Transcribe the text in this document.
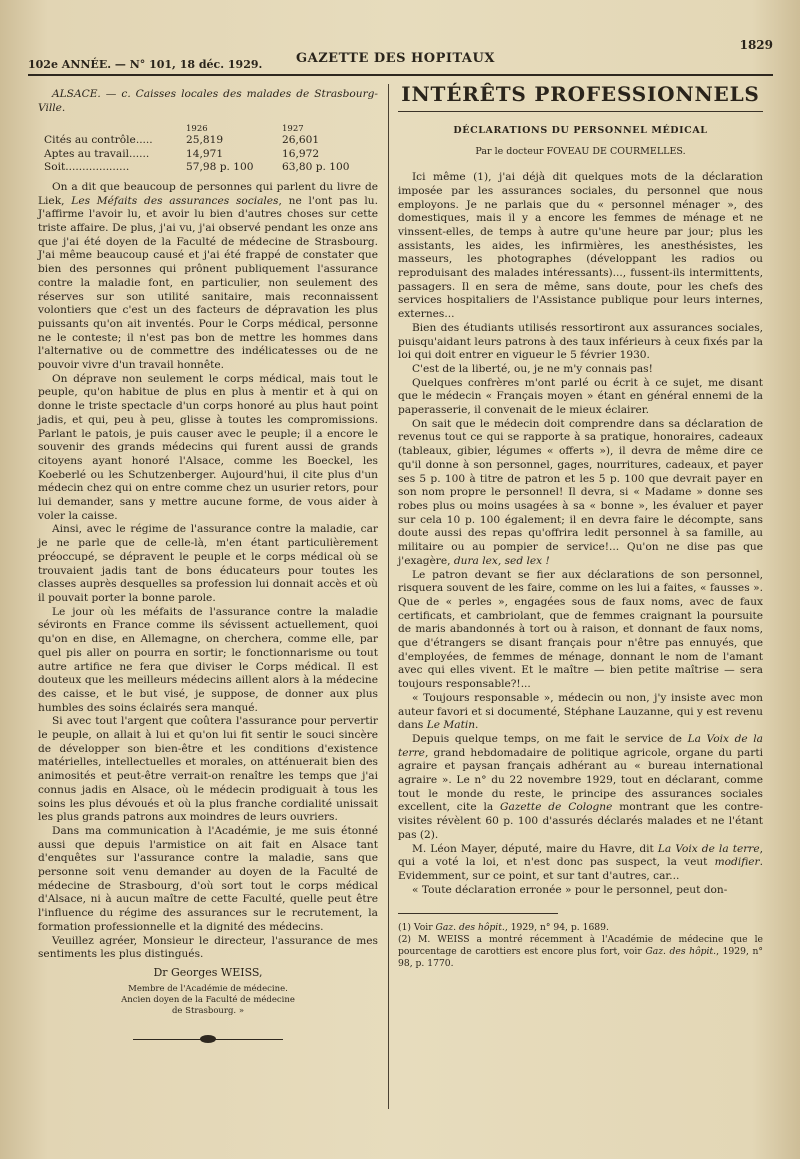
102e ANNÉE. — N° 101, 18 déc. 1929.	GAZETTE DES HOPITAUX
1829

ALSACE. — c. Caisses locales des malades de Strasbourg-Ville.

1926	1927
Cités au contrôle.....	25,819	26,601
Aptes au travail......	14,971	16,972
Soit...................	57,98 p. 100	63,80 p. 100

On a dit que beaucoup de personnes qui parlent du livre de Liek, Les Méfaits des assurances sociales, ne l'ont pas lu. J'affirme l'avoir lu, et avoir lu bien d'autres choses sur cette triste affaire. De plus, j'ai vu, j'ai observé pendant les onze ans que j'ai été doyen de la Faculté de médecine de Strasbourg. J'ai même beaucoup causé et j'ai été frappé de constater que bien des personnes qui prônent publiquement l'assurance contre la maladie font, en particulier, non seulement des réserves sur son utilité sanitaire, mais reconnaissent volontiers que c'est un des facteurs de dépravation les plus puissants qu'on ait inventés. Pour le Corps médical, personne ne le conteste; il n'est pas bon de mettre les hommes dans l'alternative ou de commettre des indélicatesses ou de ne pouvoir vivre d'un travail honnête.

On déprave non seulement le corps médical, mais tout le peuple, qu'on habitue de plus en plus à mentir et à qui on donne le triste spectacle d'un corps honoré au plus haut point jadis, et qui, peu à peu, glisse à toutes les compromissions. Parlant le patois, je puis causer avec le peuple; il a encore le souvenir des grands médecins qui furent aussi de grands citoyens ayant honoré l'Alsace, comme les Boeckel, les Koeberlé ou les Schutzenberger. Aujourd'hui, il cite plus d'un médecin chez qui on entre comme chez un usurier retors, pour lui demander, sans y mettre aucune forme, de vous aider à voler la caisse.

Ainsi, avec le régime de l'assurance contre la maladie, car je ne parle que de celle-là, m'en étant particulièrement préoccupé, se dépravent le peuple et le corps médical où se trouvaient jadis tant de bons éducateurs pour toutes les classes auprès desquelles sa profession lui donnait accès et où il pouvait porter la bonne parole.

Le jour où les méfaits de l'assurance contre la maladie sévironts en France comme ils sévissent actuellement, quoi qu'on en dise, en Allemagne, on cherchera, comme elle, par quel pis aller on pourra en sortir; le fonctionnarisme ou tout autre artifice ne fera que diviser le Corps médical. Il est douteux que les meilleurs médecins aillent alors à la médecine des caisse, et le but visé, je suppose, de donner aux plus humbles des soins éclairés sera manqué.

Si avec tout l'argent que coûtera l'assurance pour pervertir le peuple, on allait à lui et qu'on lui fit sentir le souci sincère de développer son bien-être et les conditions d'existence matérielles, intellectuelles et morales, on atténuerait bien des animosités et peut-être verrait-on renaître les temps que j'ai connus jadis en Alsace, où le médecin prodiguait à tous les soins les plus dévoués et où la plus franche cordialité unissait les plus grands patrons aux moindres de leurs ouvriers.

Dans ma communication à l'Académie, je me suis étonné aussi que depuis l'armistice on ait fait en Alsace tant d'enquêtes sur l'assurance contre la maladie, sans que personne soit venu demander au doyen de la Faculté de médecine de Strasbourg, d'où sort tout le corps médical d'Alsace, ni à aucun maître de cette Faculté, quelle peut être l'influence du régime des assurances sur le recrutement, la formation professionnelle et la dignité des médecins.

Veuillez agréer, Monsieur le directeur, l'assurance de mes sentiments les plus distingués.

Dr Georges WEISS,
Membre de l'Académie de médecine.
Ancien doyen de la Faculté de médecine
de Strasbourg. »
INTÉRÊTS PROFESSIONNELS
DÉCLARATIONS DU PERSONNEL MÉDICAL
Par le docteur FOVEAU DE COURMELLES.

Ici même (1), j'ai déjà dit quelques mots de la déclaration imposée par les assurances sociales, du personnel que nous employons. Je ne parlais que du « personnel ménager », des domestiques, mais il y a encore les femmes de ménage et ne vinssent-elles, de temps à autre qu'une heure par jour; plus les assistants, les aides, les infirmières, les anesthésistes, les masseurs, les photographes (développant les radios ou reproduisant des malades intéressants)..., fussent-ils intermittents, passagers. Il en sera de même, sans doute, pour les chefs des services hospitaliers de l'Assistance publique pour leurs internes, externes...

Bien des étudiants utilisés ressortiront aux assurances sociales, puisqu'aidant leurs patrons à des taux inférieurs à ceux fixés par la loi qui doit entrer en vigueur le 5 février 1930.

C'est de la liberté, ou, je ne m'y connais pas!

Quelques confrères m'ont parlé ou écrit à ce sujet, me disant que le médecin « Français moyen » étant en général ennemi de la paperasserie, il convenait de le mieux éclairer.

On sait que le médecin doit comprendre dans sa déclaration de revenus tout ce qui se rapporte à sa pratique, honoraires, cadeaux (tableaux, gibier, légumes « offerts »), il devra de même dire ce qu'il donne à son personnel, gages, nourritures, cadeaux, et payer ses 5 p. 100 à titre de patron et les 5 p. 100 que devrait payer en son nom propre le personnel! Il devra, si « Madame » donne ses robes plus ou moins usagées à sa « bonne », les évaluer et payer sur cela 10 p. 100 également; il en devra faire le décompte, sans doute aussi des repas qu'offrira ledit personnel à sa famille, au militaire ou au pompier de service!... Qu'on ne dise pas que j'exagère, dura lex, sed lex !

Le patron devant se fier aux déclarations de son personnel, risquera souvent de les faire, comme on les lui a faites, « fausses ». Que de « perles », engagées sous de faux noms, avec de faux certificats, et cambriolant, que de femmes craignant la poursuite de maris abandonnés à tort ou à raison, et donnant de faux noms, que d'étrangers se disant français pour n'être pas ennuyés, que d'employées, de femmes de ménage, donnant le nom de l'amant avec qui elles vivent. Et le maître — bien petite maîtrise — sera toujours responsable?!...

« Toujours responsable », médecin ou non, j'y insiste avec mon auteur favori et si documenté, Stéphane Lauzanne, qui y est revenu dans Le Matin.

Depuis quelque temps, on me fait le service de La Voix de la terre, grand hebdomadaire de politique agricole, organe du parti agraire et paysan français adhérant au « bureau international agraire ». Le n° du 22 novembre 1929, tout en déclarant, comme tout le monde du reste, le principe des assurances sociales excellent, cite la Gazette de Cologne montrant que les contre-visites révèlent 60 p. 100 d'assurés déclarés malades et ne l'étant pas (2).

M. Léon Mayer, député, maire du Havre, dit La Voix de la terre, qui a voté la loi, et n'est donc pas suspect, la veut modifier. Evidemment, sur ce point, et sur tant d'autres, car...

« Toute déclaration erronée » pour le personnel, peut don-

(1) Voir Gaz. des hôpit., 1929, n° 94, p. 1689.

(2) M. WEISS a montré récemment à l'Académie de médecine que le pourcentage de carottiers est encore plus fort, voir Gaz. des hôpit., 1929, n° 98, p. 1770.
